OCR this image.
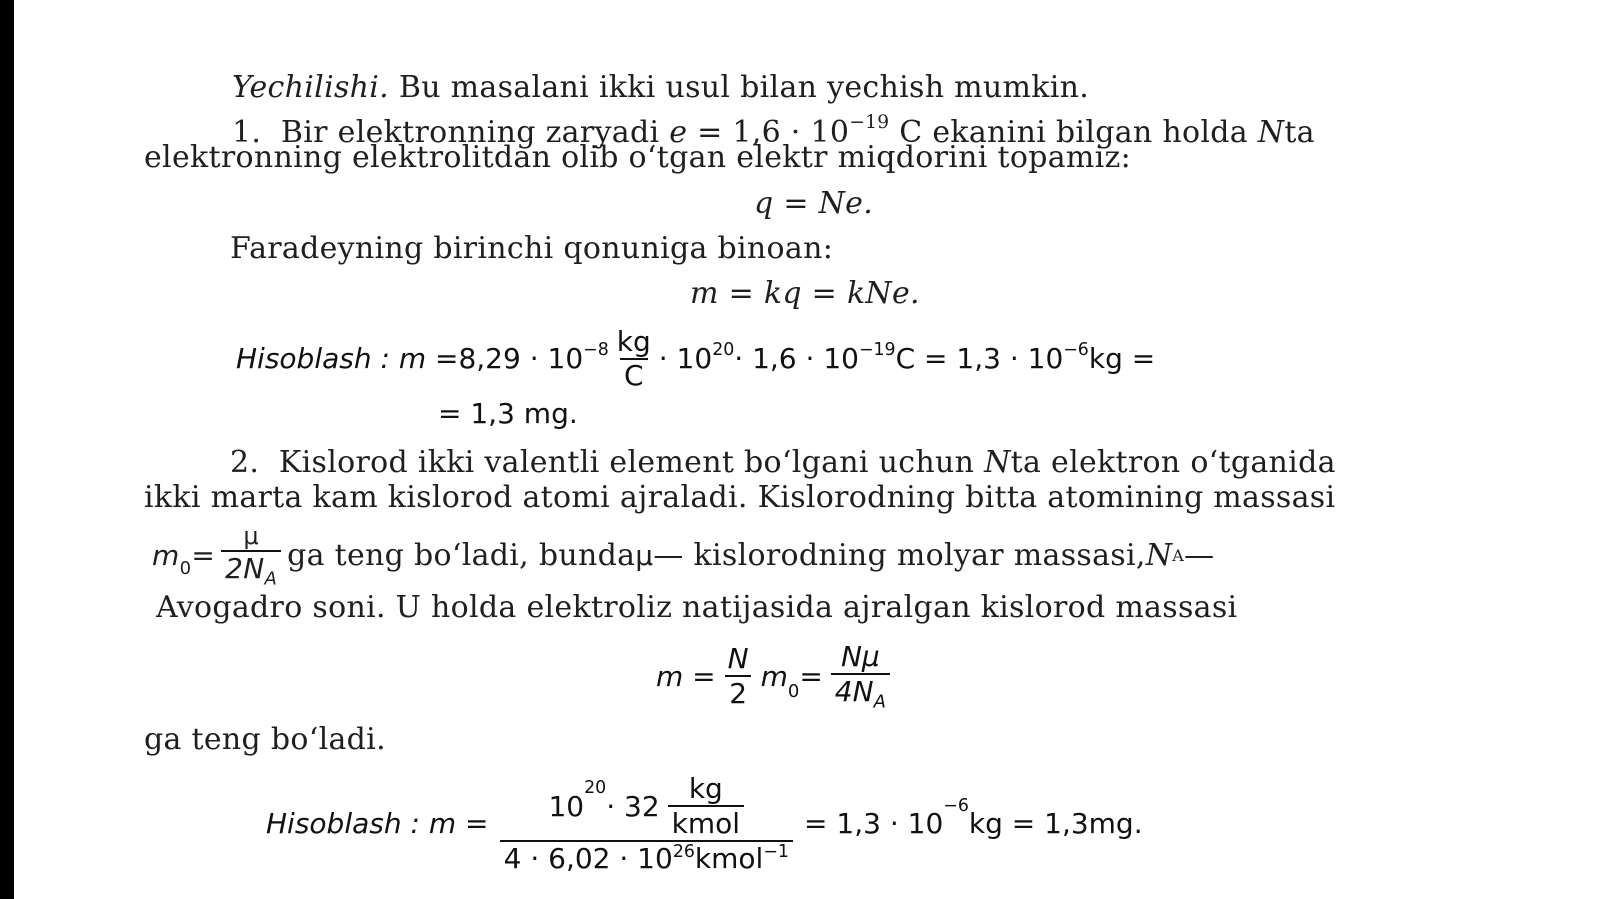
Yechilishi. Bu masalani ikki usul bilan yechish mumkin.
1. Bir elektronning zaryadi $e = 1,6 \cdot 10^{-19}$ C ekanini bilgan holda Nta
elektronning elektrolitdan olib o‘tgan elektr miqdorini topamiz:
q = Ne.
Faradeyning birinchi qonuniga binoan:
m = kq = kNe.
Hisoblash : $m = 8,29 \cdot 10^{-8} \frac{kg}{C} \cdot 10^{20} \cdot 1,6 \cdot 10^{-19}$ $C = 1,3 \cdot 10^{-6}$ kg =
= 1,3 mg.
2. Kislorod ikki valentli element bo‘lgani uchun Nta elektron o‘tganida
ikki marta kam kislorod atomi ajraladi. Kislorodning bitta atomining massasi
$m_0 = \frac{\mu}{2N_A}$ ga teng bo‘ladi, bunda μ — kislorodning molyar massasi, N A —
Avogadro soni. U holda elektroliz natijasida ajralgan kislorod massasi
$m = \frac{N}{2} m_0 = \frac{N\mu}{4N_A}$
ga teng bo‘ladi.
Hisoblash : m = 10
$^{20}$
· $32 \frac{kg}{\text{kmol}}$
$4 \cdot 6,02 \cdot 10^{26}$ kmol$^{-1}$ = 1,3 · 10
$^{-6}$
kg = 1,3mg.
